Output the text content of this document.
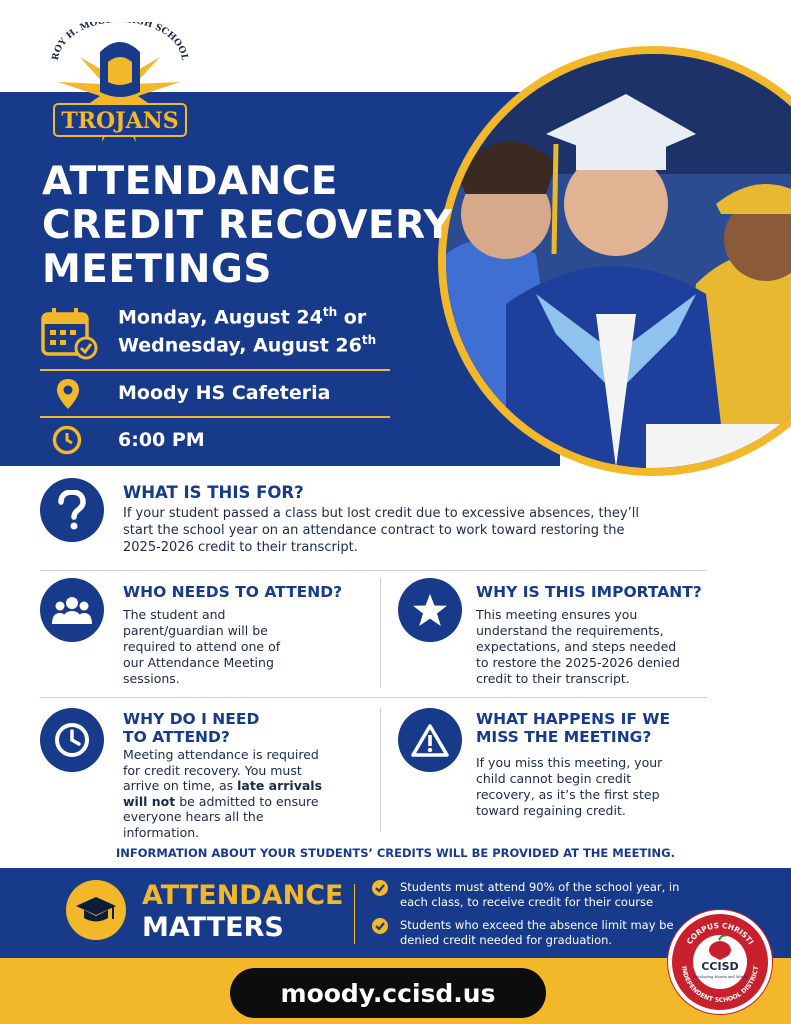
ROY H. MO GH SCHOOL
TROJANS
ATTENDANCE
CREDIT RECOVERY
MEETINGS
Monday, August 24th or
Wednesday, August 26th
Moody HS Cafeteria
6:00 PM
WHAT IS THIS FOR?
If your student passed a class but lost credit due to excessive absences, they’ll start the school year on an attendance contract to work toward restoring the 2025-2026 credit to their transcript.
WHO NEEDS TO ATTEND?
The student and parent/guardian will be required to attend one of our Attendance Meeting sessions.
WHY IS THIS IMPORTANT?
This meeting ensures you understand the requirements, expectations, and steps needed to restore the 2025-2026 denied credit to their transcript.
WHY DO I NEED
TO ATTEND?
Meeting attendance is required for credit recovery. You must arrive on time, as late arrivals will not be admitted to ensure everyone hears all the information.
WHAT HAPPENS IF WE
MISS THE MEETING?
If you miss this meeting, your child cannot begin credit recovery, as it’s the first step toward regaining credit.
INFORMATION ABOUT YOUR STUDENTS’ CREDITS WILL BE PROVIDED AT THE MEETING.
ATTENDANCE
MATTERS
Students must attend 90% of the school year, in each class, to receive credit for their course
Students who exceed the absence limit may be denied credit needed for graduation.
moody.ccisd.us
CORPUS CHRISTI
INDEPENDENT SCHOOL DISTRICT
CCISD
Developing Hearts and Minds
